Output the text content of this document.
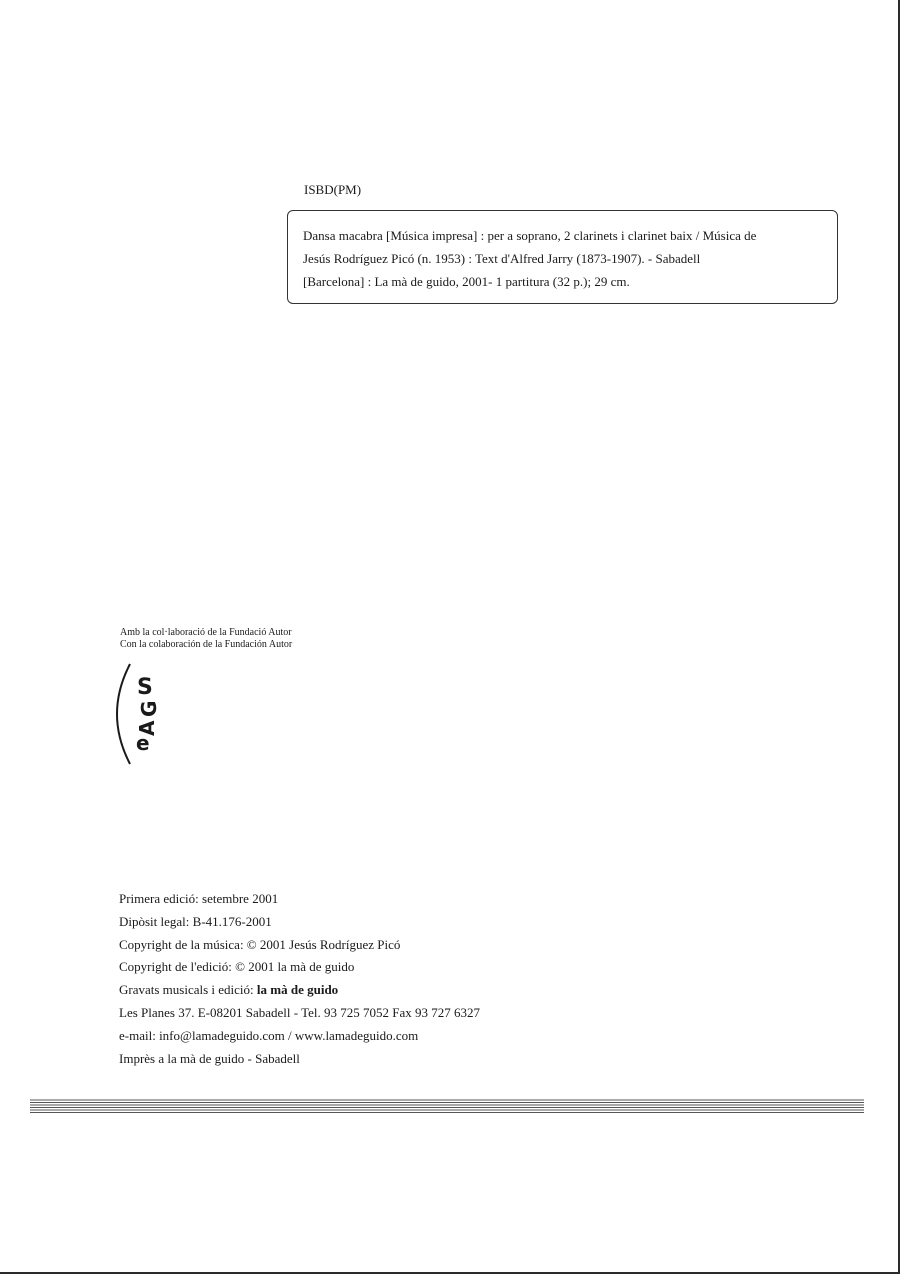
ISBD(PM)
Dansa macabra [Música impresa] : per a soprano, 2 clarinets i clarinet baix / Música de
Jesús Rodríguez Picó (n. 1953) : Text d'Alfred Jarry (1873-1907). - Sabadell
[Barcelona] : La mà de guido, 2001- 1 partitura (32 p.); 29 cm.
Amb la col·laboració de la Fundació Autor
Con la colaboración de la Fundación Autor
S
G
A
e
Primera edició: setembre 2001
Dipòsit legal: B-41.176-2001
Copyright de la música: © 2001 Jesús Rodríguez Picó
Copyright de l'edició: © 2001 la mà de guido
Gravats musicals i edició: la mà de guido
Les Planes 37. E-08201 Sabadell - Tel. 93 725 7052 Fax 93 727 6327
e-mail: info@lamadeguido.com / www.lamadeguido.com
Imprès a la mà de guido - Sabadell
